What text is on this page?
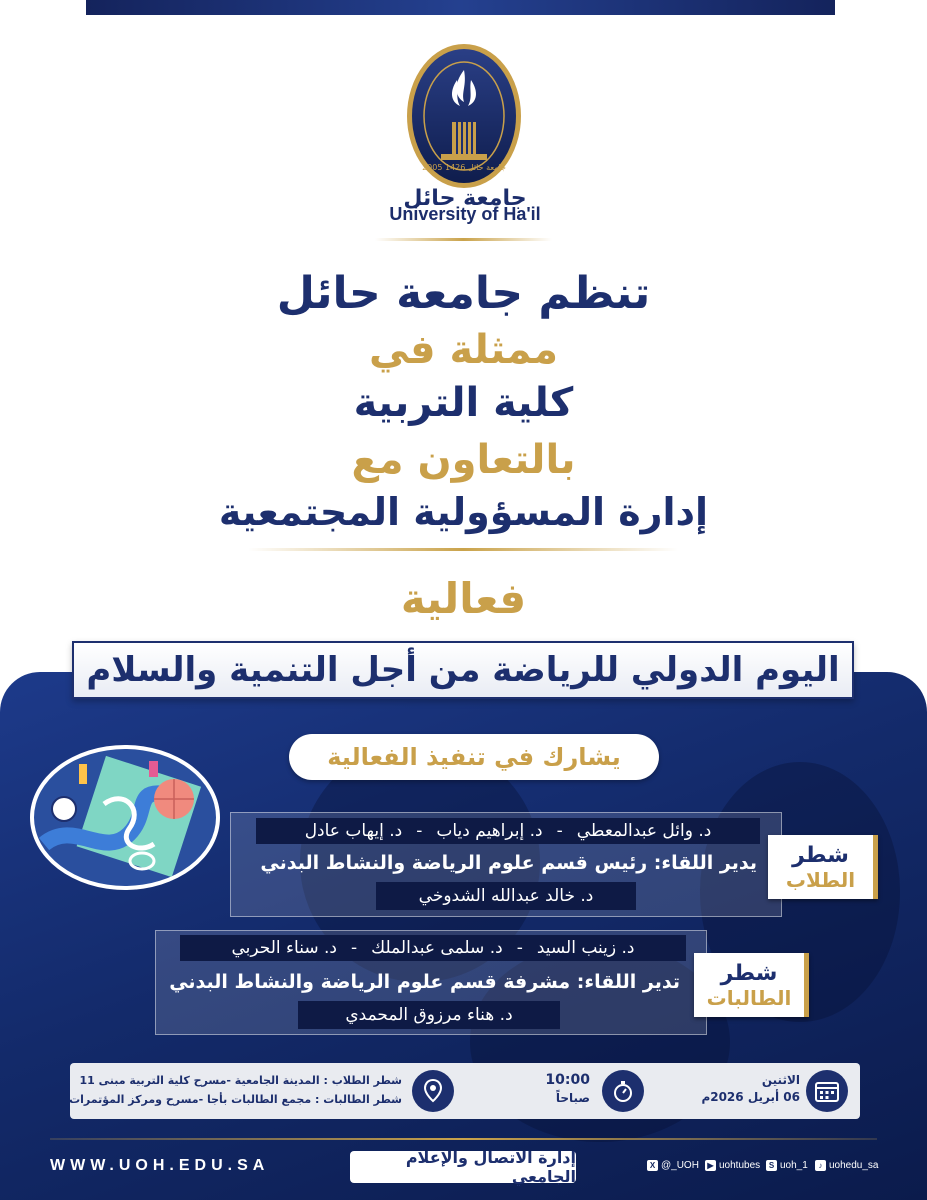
جامعة حائل 1426 2005
جامعة حائل
University of Ha'il
تنظم جامعة حائل
ممثلة في
كلية التربية
بالتعاون مع
إدارة المسؤولية المجتمعية
فعالية
اليوم الدولي للرياضة من أجل التنمية والسلام
يشارك في تنفيذ الفعالية
د. وائل عبدالمعطي
-
د. إبراهيم دياب
-
د. إيهاب عادل
يدير اللقاء: رئيس قسم علوم الرياضة والنشاط البدني
د. خالد عبدالله الشدوخي
شطر
الطلاب
د. زينب السيد
-
د. سلمى عبدالملك
-
د. سناء الحربي
تدير اللقاء: مشرفة قسم علوم الرياضة والنشاط البدني
د. هناء مرزوق المحمدي
شطر
الطالبات
الاثنين
06 أبريل 2026م
10:00
صباحاً
شطر الطلاب : المدينة الجامعية -مسرح كلية التربية مبنى 11
شطر الطالبات : مجمع الطالبات بأجا -مسرح ومركز المؤتمرات
WWW.UOH.EDU.SA	إدارة الاتصال والإعلام الجامعي
X @_UOH	▶ uohtubes	S uoh_1	♪ uohedu_sa
